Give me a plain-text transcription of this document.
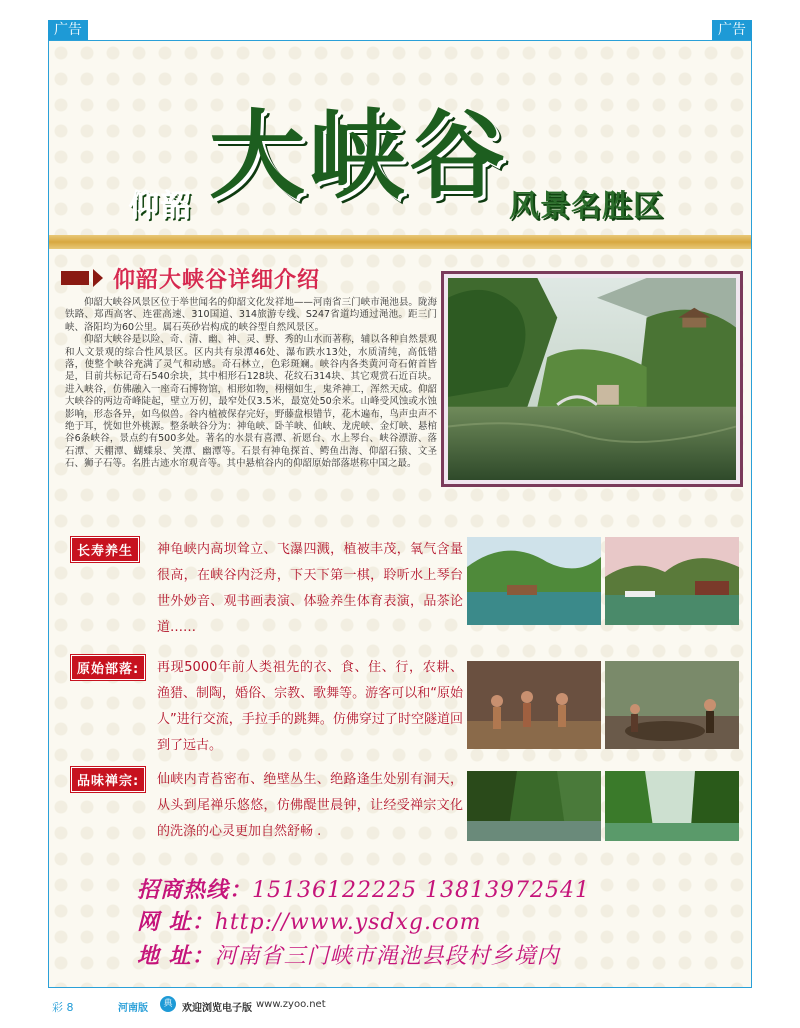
广告	广告
仰韶 大峡谷 风景名胜区
仰韶大峡谷详细介绍

仰韶大峡谷风景区位于举世闻名的仰韶文化发祥地——河南省三门峡市渑池县。陇海铁路、郑西高客、连霍高速、310国道、314旅游专线、S247省道均通过渑池。距三门峡、洛阳均为60公里。属石英砂岩构成的峡谷型自然风景区。

仰韶大峡谷是以险、奇、清、幽、神、灵、野、秀的山水而著称，辅以各种自然景观和人文景观的综合性风景区。区内共有泉潭46处、瀑布跌水13处，水质清纯，高低错落，使整个峡谷充满了灵气和动感。奇石林立，色彩斑斓。峡谷内各类黄河奇石俯首皆是，目前共标记奇石540余块，其中相形石128块、花纹石314块、其它观赏石近百块。进入峡谷，仿佛融入一座奇石博物馆，相形如物，栩栩如生，鬼斧神工，浑然天成。仰韶大峡谷的两边奇峰陡起，壁立万仞，最窄处仅3.5米，最宽处50余米。山峰受风蚀或水蚀影响，形态各异，如鸟似兽。谷内植被保存完好，野藤盘根错节，花木遍布，鸟声虫声不绝于耳，恍如世外桃源。整条峡谷分为：神龟峡、卧羊峡、仙峡、龙虎峡、金灯峡、悬棺谷6条峡谷，景点约有500多处。著名的水景有喜潭、祈愿台、水上琴台、峡谷漂游、落石潭、天棚潭、蝴蝶泉、笑潭、幽潭等。石景有神龟探首、鳄鱼出海、仰韶石猿、文圣石、狮子石等。名胜古迹水帘观音等。其中悬棺谷内的仰韶原始部落堪称中国之最。

长寿养生	神龟峡内高坝耸立、飞瀑四溅，植被丰茂，氧气含量很高，在峡谷内泛舟，下天下第一棋，聆听水上琴台世外妙音、观书画表演、体验养生体育表演，品茶论道……
原始部落:	再现5000年前人类祖先的衣、食、住、行，农耕、渔猎、制陶，婚俗、宗教、歌舞等。游客可以和“原始人”进行交流，手拉手的跳舞。仿佛穿过了时空隧道回到了远古。
品味禅宗:	仙峡内青苔密布、绝壁丛生、绝路逢生处别有洞天，从头到尾禅乐悠悠，仿佛醍世晨钟，让经受禅宗文化的洗涤的心灵更加自然舒畅 .
招商热线：15136122225 13813972541
网 址：http://www.ysdxg.com
地 址：河南省三门峡市渑池县段村乡境内
彩 8	河南版	典 欢迎浏览电子版 www.zyoo.net
